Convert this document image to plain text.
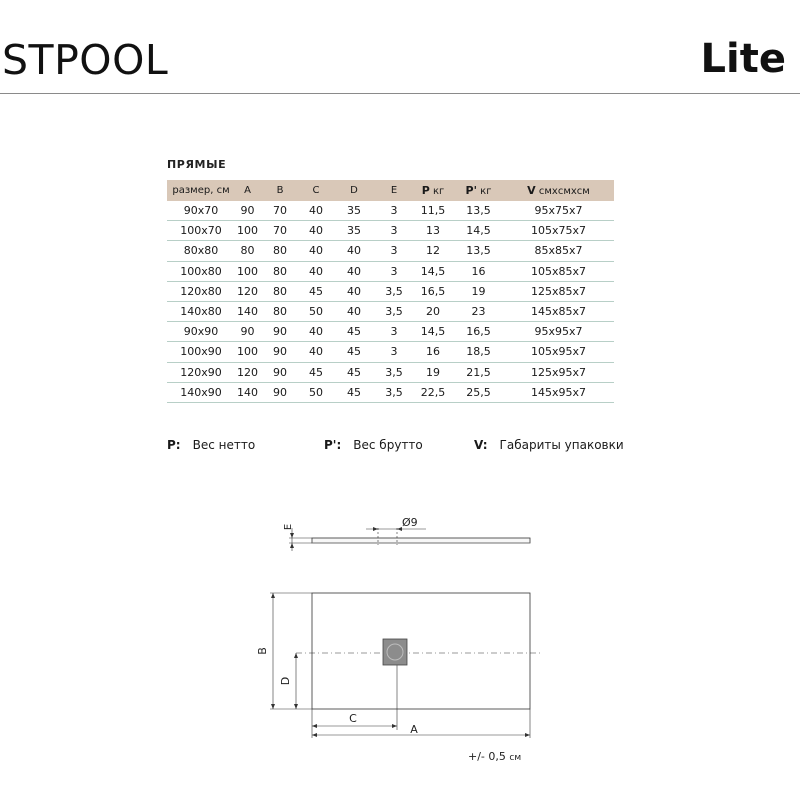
STPOOL	Lite
ПРЯМЫЕ
размер, см	A	B	C	D	E	P кг	P' кг	V смхсмхсм
90x70	90	70	40	35	3	11,5	13,5	95x75x7
100x70	100	70	40	35	3	13	14,5	105x75x7
80x80	80	80	40	40	3	12	13,5	85x85x7
100x80	100	80	40	40	3	14,5	16	105x85x7
120x80	120	80	45	40	3,5	16,5	19	125x85x7
140x80	140	80	50	40	3,5	20	23	145x85x7
90x90	90	90	40	45	3	14,5	16,5	95x95x7
100x90	100	90	40	45	3	16	18,5	105x95x7
120x90	120	90	45	45	3,5	19	21,5	125x95x7
140x90	140	90	50	45	3,5	22,5	25,5	145x95x7
P: Вес нетто	P': Вес брутто	V: Габариты упаковки
E	Ø9
B
D
C
A
+/- 0,5 см
